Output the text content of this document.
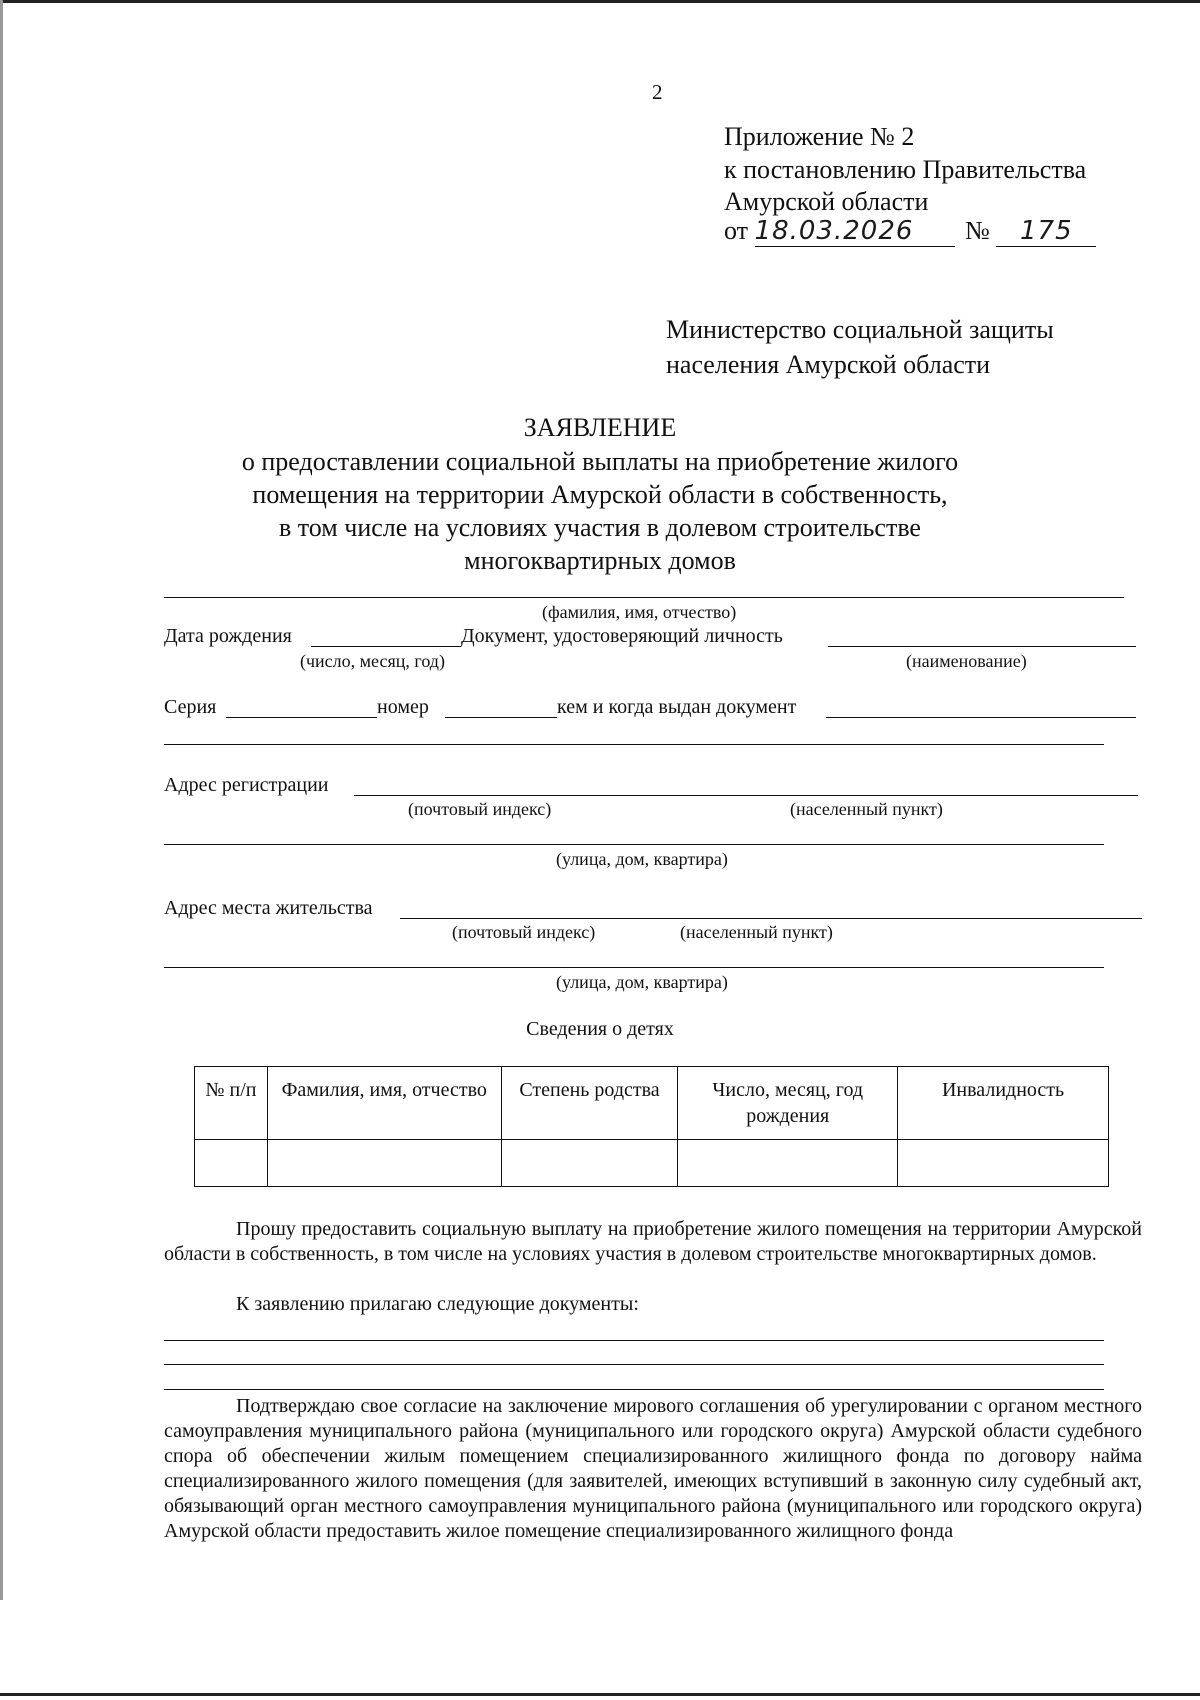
2
Приложение № 2
к постановлению Правительства
Амурской области
от 18.03.2026 № 175
Министерство социальной защиты
населения Амурской области
ЗАЯВЛЕНИЕ
о предоставлении социальной выплаты на приобретение жилого
помещения на территории Амурской области в собственность,
в том числе на условиях участия в долевом строительстве
многоквартирных домов
(фамилия, имя, отчество)
Дата рождения	Документ, удостоверяющий личность
(число, месяц, год)	(наименование)
Серия	номер	кем и когда выдан документ
Адрес регистрации
(почтовый индекс)	(населенный пункт)
(улица, дом, квартира)
Адрес места жительства
(почтовый индекс)	(населенный пункт)
(улица, дом, квартира)
Сведения о детях
№ п/п	Фамилия, имя, отчество	Степень родства	Число, месяц, год рождения	Инвалидность

Прошу предоставить социальную выплату на приобретение жилого помещения на территории Амурской области в собственность, в том числе на условиях участия в долевом строительстве многоквартирных домов.
К заявлению прилагаю следующие документы:
Подтверждаю свое согласие на заключение мирового соглашения об урегулировании с органом местного самоуправления муниципального района (муниципального или городского округа) Амурской области судебного спора об обеспечении жилым помещением специализированного жилищного фонда по договору найма специализированного жилого помещения (для заявителей, имеющих вступивший в законную силу судебный акт, обязывающий орган местного самоуправления муниципального района (муниципального или городского округа) Амурской области предоставить жилое помещение специализированного жилищного фонда
